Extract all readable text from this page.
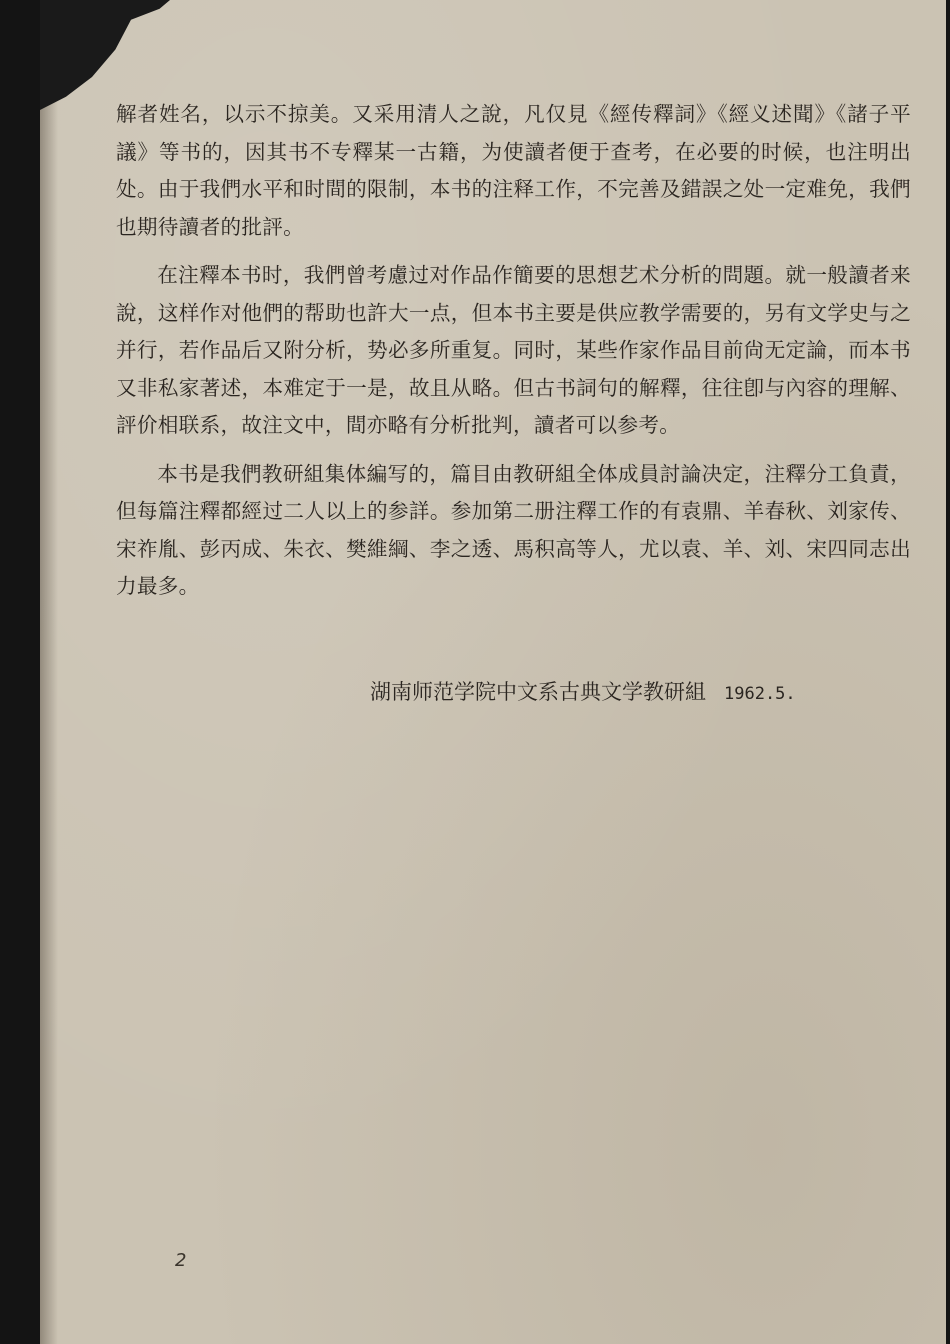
解者姓名，以示不掠美。又采用清人之說，凡仅見《經传釋詞》《經义述聞》《諸子平議》等书的，因其书不专釋某一古籍，为使讀者便于查考，在必要的时候，也注明出处。由于我們水平和时間的限制，本书的注释工作，不完善及錯誤之处一定难免，我們也期待讀者的批評。

在注釋本书时，我們曾考慮过对作品作簡要的思想艺术分析的問題。就一般讀者来說，这样作对他們的帮助也許大一点，但本书主要是供应教学需要的，另有文学史与之并行，若作品后又附分析，势必多所重复。同时，某些作家作品目前尙无定論，而本书又非私家著述，本难定于一是，故且从略。但古书詞句的解釋，往往卽与內容的理解、評价相联系，故注文中，間亦略有分析批判，讀者可以参考。

本书是我們教研組集体編写的，篇目由教研組全体成員討論决定，注釋分工負責，但每篇注釋都經过二人以上的参詳。参加第二册注釋工作的有袁鼎、羊春秋、刘家传、宋祚胤、彭丙成、朱衣、樊維綱、李之透、馬积高等人，尤以袁、羊、刘、宋四同志出力最多。

湖南师范学院中文系古典文学教研組 1962.5.
2
